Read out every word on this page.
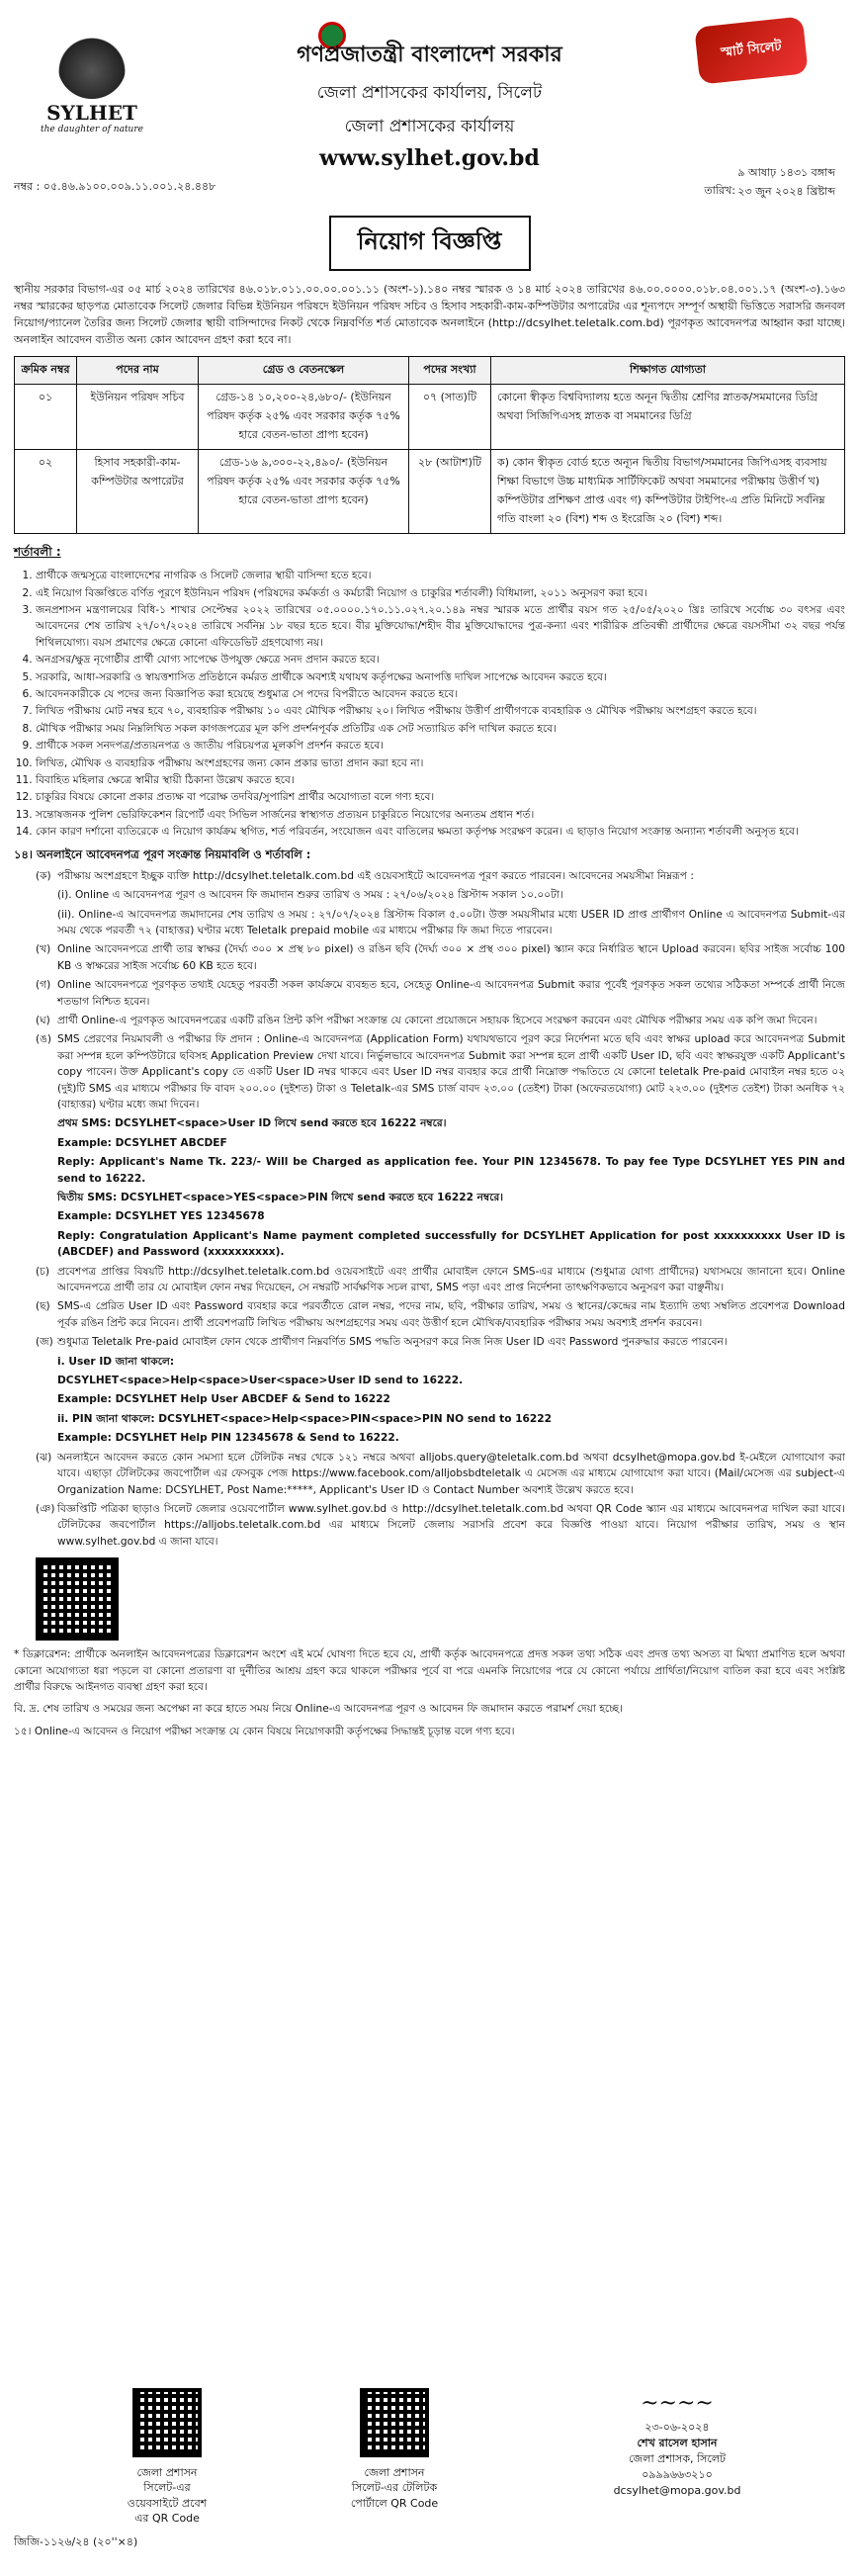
SYLHET
the daughter of nature
গণপ্রজাতন্ত্রী বাংলাদেশ সরকার
জেলা প্রশাসকের কার্যালয়, সিলেট
জেলা প্রশাসকের কার্যালয়
www.sylhet.gov.bd
স্মার্ট সিলেট
নম্বর : ০৫.৪৬.৯১০০.০০৯.১১.০০১.২৪.৪৪৮	তারিখ:
৯ আষাঢ় ১৪৩১ বঙ্গাব্দ
২৩ জুন ২০২৪ খ্রিষ্টাব্দ
নিয়োগ বিজ্ঞপ্তি
স্থানীয় সরকার বিভাগ-এর ০৫ মার্চ ২০২৪ তারিখের ৪৬.০১৮.০১১.০০.০০.০০১.১১ (অংশ-১).১৪০ নম্বর স্মারক ও ১৪ মার্চ ২০২৪ তারিখের ৪৬.০০.০০০০.০১৮.০৪.০০১.১৭ (অংশ-৩).১৬৩ নম্বর স্মারকের ছাড়পত্র মোতাবেক সিলেট জেলার বিভিন্ন ইউনিয়ন পরিষদে ইউনিয়ন পরিষদ সচিব ও হিসাব সহকারী-কাম-কম্পিউটার অপারেটর এর শূন্যপদে সম্পূর্ণ অস্থায়ী ভিত্তিতে সরাসরি জনবল নিয়োগ/প্যানেল তৈরির জন্য সিলেট জেলার স্থায়ী বাসিন্দাদের নিকট থেকে নিম্নবর্ণিত শর্ত মোতাবেক অনলাইনে (http://dcsylhet.teletalk.com.bd) পূরণকৃত আবেদনপত্র আহ্বান করা যাচ্ছে। অনলাইন আবেদন ব্যতীত অন্য কোন আবেদন গ্রহণ করা হবে না।
ক্রমিক নম্বর	পদের নাম	গ্রেড ও বেতনস্কেল	পদের সংখ্যা	শিক্ষাগত যোগ্যতা
০১	ইউনিয়ন পরিষদ সচিব	গ্রেড-১৪ ১০,২০০-২৪,৬৮০/- (ইউনিয়ন পরিষদ কর্তৃক ২৫% এবং সরকার কর্তৃক ৭৫% হারে বেতন-ভাতা প্রাপ্য হবেন)	০৭ (সাত)টি	কোনো স্বীকৃত বিশ্ববিদ্যালয় হতে অনূন দ্বিতীয় শ্রেণির স্নাতক/সমমানের ডিগ্রি অথবা সিজিপিএসহ স্নাতক বা সমমানের ডিগ্রি
০২	হিসাব সহকারী-কাম-কম্পিউটার অপারেটর	গ্রেড-১৬ ৯,৩০০-২২,৪৯০/- (ইউনিয়ন পরিষদ কর্তৃক ২৫% এবং সরকার কর্তৃক ৭৫% হারে বেতন-ভাতা প্রাপ্য হবেন)	২৮ (আটাশ)টি	ক) কোন স্বীকৃত বোর্ড হতে অন্যূন দ্বিতীয় বিভাগ/সমমানের জিপিএসহ ব্যবসায় শিক্ষা বিভাগে উচ্চ মাধ্যমিক সার্টিফিকেট অথবা সমমানের পরীক্ষায় উত্তীর্ণ খ) কম্পিউটার প্রশিক্ষণ প্রাপ্ত এবং গ) কম্পিউটার টাইপিং-এ প্রতি মিনিটে সর্বনিম্ন গতি বাংলা ২০ (বিশ) শব্দ ও ইংরেজি ২০ (বিশ) শব্দ।
শর্তাবলী :
1. প্রার্থীকে জন্মসূত্রে বাংলাদেশের নাগরিক ও সিলেট জেলার স্থায়ী বাসিন্দা হতে হবে।
2. এই নিয়োগ বিজ্ঞপ্তিতে বর্ণিত পূরণে ইউনিয়ন পরিষদ (পরিষদের কর্মকর্তা ও কর্মচারী নিয়োগ ও চাকুরির শর্তাবলী) বিধিমালা, ২০১১ অনুসরণ করা হবে।
3. জনপ্রশাসন মন্ত্রণালয়ের বিধি-১ শাখার সেপ্টেম্বর ২০২২ তারিখের ০৫.০০০০.১৭০.১১.০২৭.২০.১৪৯ নম্বর স্মারক মতে প্রার্থীর বয়স গত ২৫/০৫/২০২০ খ্রিঃ তারিখে সর্বোচ্চ ৩০ বৎসর এবং আবেদনের শেষ তারিখ ২৭/০৭/২০২৪ তারিখে সর্বনিম্ন ১৮ বছর হতে হবে। বীর মুক্তিযোদ্ধা/শহীদ বীর মুক্তিযোদ্ধাদের পুত্র-কন্যা এবং শারীরিক প্রতিবন্ধী প্রার্থীদের ক্ষেত্রে বয়সসীমা ৩২ বছর পর্যন্ত শিথিলযোগ্য। বয়স প্রমাণের ক্ষেত্রে কোনো এফিডেভিট গ্রহণযোগ্য নয়।
4. অনগ্রসর/ক্ষুদ্র নৃগোষ্ঠীর প্রার্থী যোগ্য সাপেক্ষে উপযুক্ত ক্ষেত্রে সনদ প্রদান করতে হবে।
5. সরকারি, আধা-সরকারি ও স্বায়ত্তশাসিত প্রতিষ্ঠানে কর্মরত প্রার্থীকে অবশ্যই যথাযথ কর্তৃপক্ষের অনাপত্তি দাখিল সাপেক্ষে আবেদন করতে হবে।
6. আবেদনকারীকে যে পদের জন্য বিজ্ঞাপিত করা হয়েছে শুধুমাত্র সে পদের বিপরীতে আবেদন করতে হবে।
7. লিখিত পরীক্ষায় মোট নম্বর হবে ৭০, ব্যবহারিক পরীক্ষায় ১০ এবং মৌখিক পরীক্ষায় ২০। লিখিত পরীক্ষায় উত্তীর্ণ প্রার্থীগণকে ব্যবহারিক ও মৌখিক পরীক্ষায় অংশগ্রহণ করতে হবে।
8. মৌখিক পরীক্ষার সময় নিম্নলিখিত সকল কাগজপত্রের মূল কপি প্রদর্শনপূর্বক প্রতিটির এক সেট সত্যায়িত কপি দাখিল করতে হবে।
9. প্রার্থীকে সকল সনদপত্র/প্রত্যয়নপত্র ও জাতীয় পরিচয়পত্র মূলকপি প্রদর্শন করতে হবে।
10. লিখিত, মৌখিক ও ব্যবহারিক পরীক্ষায় অংশগ্রহণের জন্য কোন প্রকার ভাতা প্রদান করা হবে না।
11. বিবাহিত মহিলার ক্ষেত্রে স্বামীর স্থায়ী ঠিকানা উল্লেখ করতে হবে।
12. চাকুরির বিষয়ে কোনো প্রকার প্রত্যক্ষ বা পরোক্ষ তদবির/সুপারিশ প্রার্থীর অযোগ্যতা বলে গণ্য হবে।
13. সন্তোষজনক পুলিশ ভেরিফিকেশন রিপোর্ট এবং সিভিল সার্জনের স্বাস্থ্যগত প্রত্যয়ন চাকুরিতে নিয়োগের অন্যতম প্রধান শর্ত।
14. কোন কারণ দর্শানো ব্যতিরেকে এ নিয়োগ কার্যক্রম স্থগিত, শর্ত পরিবর্তন, সংযোজন এবং বাতিলের ক্ষমতা কর্তৃপক্ষ সংরক্ষণ করেন। এ ছাড়াও নিয়োগ সংক্রান্ত অন্যান্য শর্তাবলী অনুসৃত হবে।
১৪। অনলাইনে আবেদনপত্র পূরণ সংক্রান্ত নিয়মাবলি ও শর্তাবলি :
(ক) পরীক্ষায় অংশগ্রহণে ইচ্ছুক ব্যক্তি http://dcsylhet.teletalk.com.bd এই ওয়েবসাইটে আবেদনপত্র পূরণ করতে পারবেন। আবেদনের সময়সীমা নিম্নরূপ :
(i). Online এ আবেদনপত্র পূরণ ও আবেদন ফি জমাদান শুরুর তারিখ ও সময় : ২৭/০৬/২০২৪ খ্রিস্টাব্দ সকাল ১০.০০টা।
(ii). Online-এ আবেদনপত্র জমাদানের শেষ তারিখ ও সময় : ২৭/০৭/২০২৪ খ্রিস্টাব্দ বিকাল ৫.০০টা। উক্ত সময়সীমার মধ্যে USER ID প্রাপ্ত প্রার্থীগণ Online এ আবেদনপত্র Submit-এর সময় থেকে পরবর্তী ৭২ (বাহাত্তর) ঘণ্টার মধ্যে Teletalk prepaid mobile এর মাধ্যমে পরীক্ষার ফি জমা দিতে পারবেন।
(খ) Online আবেদনপত্রে প্রার্থী তার স্বাক্ষর (দৈর্ঘ্য ৩০০ × প্রস্থ ৮০ pixel) ও রঙিন ছবি (দৈর্ঘ্য ৩০০ × প্রস্থ ৩০০ pixel) স্ক্যান করে নির্ধারিত স্থানে Upload করবেন। ছবির সাইজ সর্বোচ্চ 100 KB ও স্বাক্ষরের সাইজ সর্বোচ্চ 60 KB হতে হবে।
(গ) Online আবেদনপত্রে পূরণকৃত তথ্যই যেহেতু পরবর্তী সকল কার্যক্রমে ব্যবহৃত হবে, সেহেতু Online-এ আবেদনপত্র Submit করার পূর্বেই পূরণকৃত সকল তথ্যের সঠিকতা সম্পর্কে প্রার্থী নিজে শতভাগ নিশ্চিত হবেন।
(ঘ) প্রার্থী Online-এ পূরণকৃত আবেদনপত্রের একটি রঙিন প্রিন্ট কপি পরীক্ষা সংক্রান্ত যে কোনো প্রয়োজনে সহায়ক হিসেবে সংরক্ষণ করবেন এবং মৌখিক পরীক্ষার সময় এক কপি জমা দিবেন।
(ঙ) SMS প্রেরণের নিয়মাবলী ও পরীক্ষার ফি প্রদান : Online-এ আবেদনপত্র (Application Form) যথাযথভাবে পূরণ করে নির্দেশনা মতে ছবি এবং স্বাক্ষর upload করে আবেদনপত্র Submit করা সম্পন্ন হলে কম্পিউটারে ছবিসহ Application Preview দেখা যাবে। নির্ভুলভাবে আবেদনপত্র Submit করা সম্পন্ন হলে প্রার্থী একটি User ID, ছবি এবং স্বাক্ষরযুক্ত একটি Applicant's copy পাবেন। উক্ত Applicant's copy তে একটি User ID নম্বর থাকবে এবং User ID নম্বর ব্যবহার করে প্রার্থী নিম্নোক্ত পদ্ধতিতে যে কোনো teletalk Pre-paid মোবাইল নম্বর হতে ০২ (দুই)টি SMS এর মাধ্যমে পরীক্ষার ফি বাবদ ২০০.০০ (দুইশত) টাকা ও Teletalk-এর SMS চার্জ বাবদ ২৩.০০ (তেইশ) টাকা (অফেরতযোগ্য) মোট ২২৩.০০ (দুইশত তেইশ) টাকা অনধিক ৭২ (বাহাত্তর) ঘণ্টার মধ্যে জমা দিবেন।
প্রথম SMS: DCSYLHET<space>User ID লিখে send করতে হবে 16222 নম্বরে।
Example: DCSYLHET ABCDEF
Reply: Applicant's Name Tk. 223/- Will be Charged as application fee. Your PIN 12345678. To pay fee Type DCSYLHET YES PIN and send to 16222.
দ্বিতীয় SMS: DCSYLHET<space>YES<space>PIN লিখে send করতে হবে 16222 নম্বরে।
Example: DCSYLHET YES 12345678
Reply: Congratulation Applicant's Name payment completed successfully for DCSYLHET Application for post xxxxxxxxxx User ID is (ABCDEF) and Password (xxxxxxxxxx).
(চ) প্রবেশপত্র প্রাপ্তির বিষয়টি http://dcsylhet.teletalk.com.bd ওয়েবসাইটে এবং প্রার্থীর মোবাইল ফোনে SMS-এর মাধ্যমে (শুধুমাত্র যোগ্য প্রার্থীদের) যথাসময়ে জানানো হবে। Online আবেদনপত্রে প্রার্থী তার যে মোবাইল ফোন নম্বর দিয়েছেন, সে নম্বরটি সার্বক্ষণিক সচল রাখা, SMS পড়া এবং প্রাপ্ত নির্দেশনা তাৎক্ষণিকভাবে অনুসরণ করা বাঞ্ছনীয়।
(ছ) SMS-এ প্রেরিত User ID এবং Password ব্যবহার করে পরবর্তীতে রোল নম্বর, পদের নাম, ছবি, পরীক্ষার তারিখ, সময় ও স্থানের/কেন্দ্রের নাম ইত্যাদি তথ্য সম্বলিত প্রবেশপত্র Download পূর্বক রঙিন প্রিন্ট করে নিবেন। প্রার্থী প্রবেশপত্রটি লিখিত পরীক্ষায় অংশগ্রহণের সময় এবং উত্তীর্ণ হলে মৌখিক/ব্যবহারিক পরীক্ষার সময় অবশ্যই প্রদর্শন করবেন।
(জ) শুধুমাত্র Teletalk Pre-paid মোবাইল ফোন থেকে প্রার্থীগণ নিম্নবর্ণিত SMS পদ্ধতি অনুসরণ করে নিজ নিজ User ID এবং Password পুনরুদ্ধার করতে পারবেন।
i. User ID জানা থাকলে:
DCSYLHET<space>Help<space>User<space>User ID send to 16222.
Example: DCSYLHET Help User ABCDEF & Send to 16222
ii. PIN জানা থাকলে: DCSYLHET<space>Help<space>PIN<space>PIN NO send to 16222
Example: DCSYLHET Help PIN 12345678 & Send to 16222.
(ঝ) অনলাইনে আবেদন করতে কোন সমস্যা হলে টেলিটক নম্বর থেকে ১২১ নম্বরে অথবা alljobs.query@teletalk.com.bd অথবা dcsylhet@mopa.gov.bd ই-মেইলে যোগাযোগ করা যাবে। এছাড়া টেলিটকের জবপোর্টাল এর ফেসবুক পেজ https://www.facebook.com/alljobsbdteletalk এ মেসেজ এর মাধ্যমে যোগাযোগ করা যাবে। (Mail/মেসেজ এর subject-এ Organization Name: DCSYLHET, Post Name:*****, Applicant's User ID ও Contact Number অবশ্যই উল্লেখ করতে হবে।
(ঞ) বিজ্ঞপ্তিটি পত্রিকা ছাড়াও সিলেট জেলার ওয়েবপোর্টাল www.sylhet.gov.bd ও http://dcsylhet.teletalk.com.bd অথবা QR Code স্ক্যান এর মাধ্যমে আবেদনপত্র দাখিল করা যাবে। টেলিটকের জবপোর্টাল https://alljobs.teletalk.com.bd এর মাধ্যমে সিলেট জেলায় সরাসরি প্রবেশ করে বিজ্ঞপ্তি পাওয়া যাবে। নিয়োগ পরীক্ষার তারিখ, সময় ও স্থান www.sylhet.gov.bd এ জানা যাবে।
* ডিক্লারেশন: প্রার্থীকে অনলাইন আবেদনপত্রের ডিক্লারেশন অংশে এই মর্মে ঘোষণা দিতে হবে যে, প্রার্থী কর্তৃক আবেদনপত্রে প্রদত্ত সকল তথ্য সঠিক এবং প্রদত্ত তথ্য অসত্য বা মিথ্যা প্রমাণিত হলে অথবা কোনো অযোগ্যতা ধরা পড়লে বা কোনো প্রতারণা বা দুর্নীতির আশ্রয় গ্রহণ করে থাকলে পরীক্ষার পূর্বে বা পরে এমনকি নিয়োগের পরে যে কোনো পর্যায়ে প্রার্থিতা/নিয়োগ বাতিল করা হবে এবং সংশ্লিষ্ট প্রার্থীর বিরুদ্ধে আইনগত ব্যবস্থা গ্রহণ করা হবে।
বি. দ্র. শেষ তারিখ ও সময়ের জন্য অপেক্ষা না করে হাতে সময় নিয়ে Online-এ আবেদনপত্র পূরণ ও আবেদন ফি জমাদান করতে পরামর্শ দেয়া হচ্ছে।
১৫। Online-এ আবেদন ও নিয়োগ পরীক্ষা সংক্রান্ত যে কোন বিষয়ে নিয়োগকারী কর্তৃপক্ষের সিদ্ধান্তই চূড়ান্ত বলে গণ্য হবে।
জেলা প্রশাসন সিলেট-এর ওয়েবসাইটে প্রবেশ এর QR Code
জেলা প্রশাসন সিলেট-এর টেলিটক পোর্টালে QR Code
~~~~
২৩-০৬-২০২৪
শেখ রাসেল হাসান
জেলা প্রশাসক, সিলেট
০৯৯৯৬৬৩২১০
dcsylhet@mopa.gov.bd
জিজি-১১২৬/২৪ (২০''×৪)
